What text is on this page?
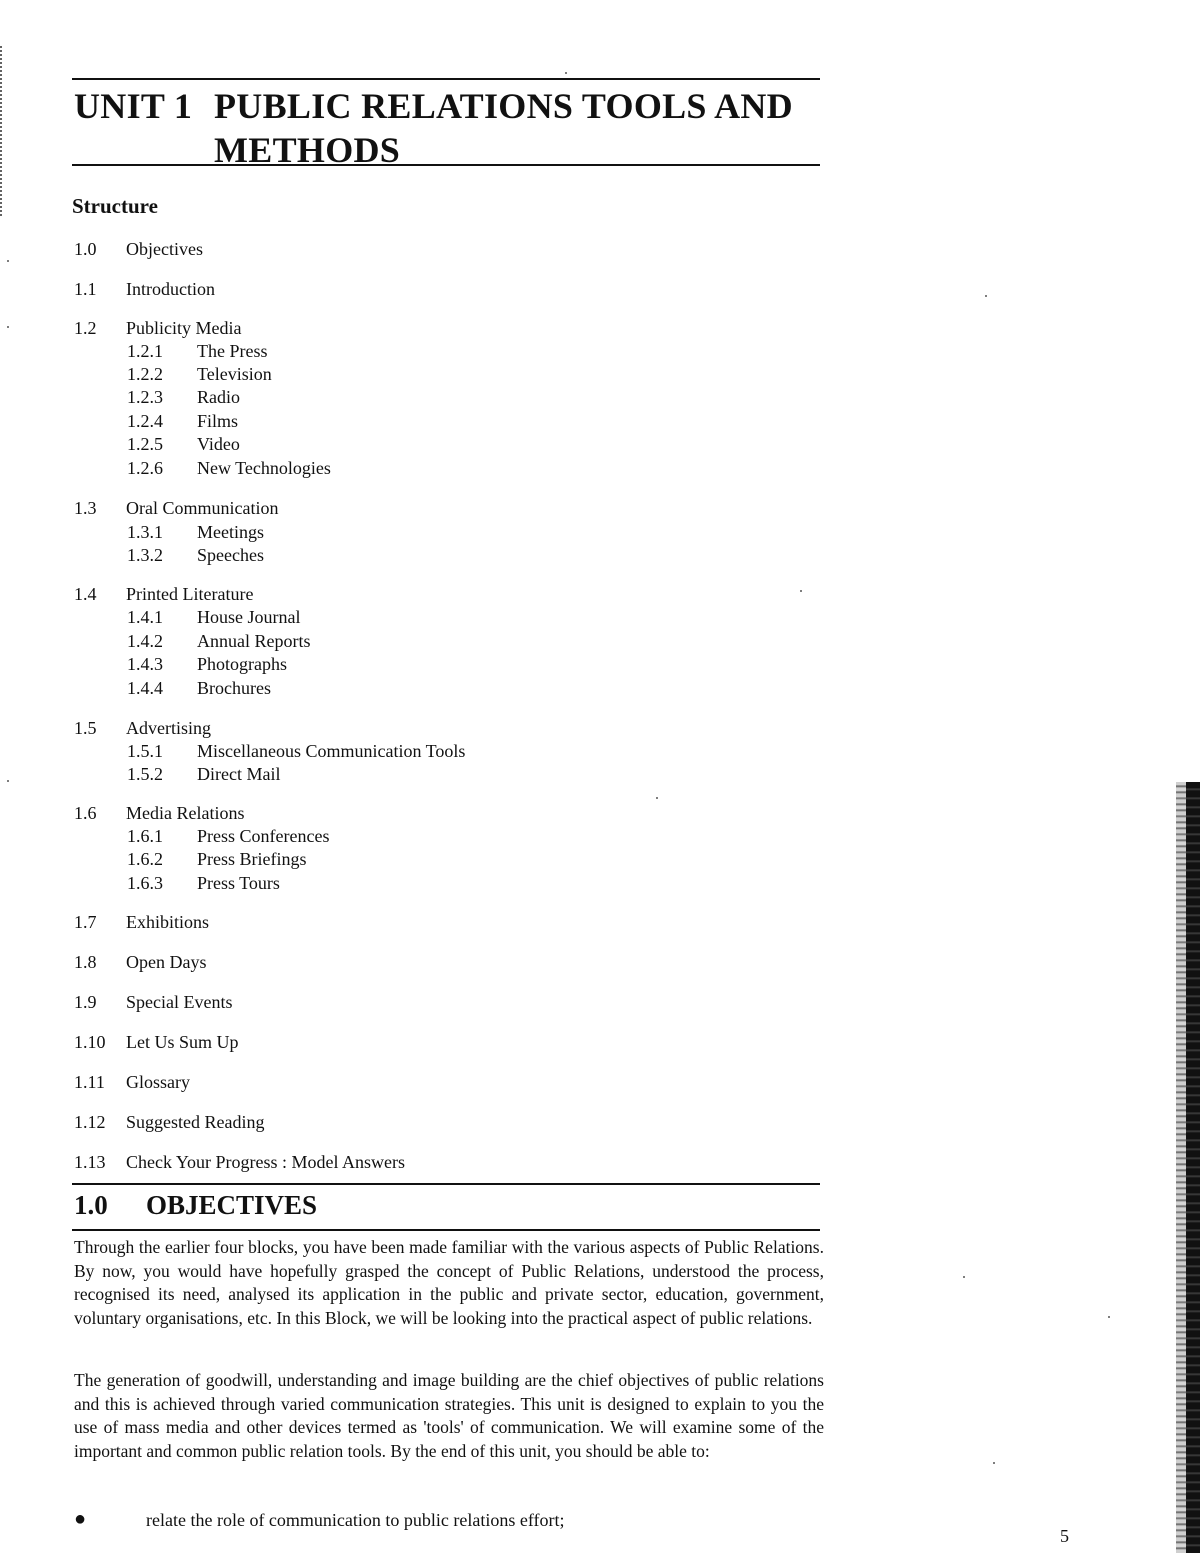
UNIT 1 PUBLIC RELATIONS TOOLS AND METHODS
Structure
1.0 Objectives
1.1 Introduction
1.2 Publicity Media
1.2.1 The Press
1.2.2 Television
1.2.3 Radio
1.2.4 Films
1.2.5 Video
1.2.6 New Technologies
1.3 Oral Communication
1.3.1 Meetings
1.3.2 Speeches
1.4 Printed Literature
1.4.1 House Journal
1.4.2 Annual Reports
1.4.3 Photographs
1.4.4 Brochures
1.5 Advertising
1.5.1 Miscellaneous Communication Tools
1.5.2 Direct Mail
1.6 Media Relations
1.6.1 Press Conferences
1.6.2 Press Briefings
1.6.3 Press Tours
1.7 Exhibitions
1.8 Open Days
1.9 Special Events
1.10 Let Us Sum Up
1.11 Glossary
1.12 Suggested Reading
1.13 Check Your Progress : Model Answers
1.0 OBJECTIVES

Through the earlier four blocks, you have been made familiar with the various aspects of Public Relations. By now, you would have hopefully grasped the concept of Public Relations, understood the process, recognised its need, analysed its application in the public and private sector, education, government, voluntary organisations, etc. In this Block, we will be looking into the practical aspect of public relations.

The generation of goodwill, understanding and image building are the chief objectives of public relations and this is achieved through varied communication strategies. This unit is designed to explain to you the use of mass media and other devices termed as 'tools' of communication. We will examine some of the important and common public relation tools. By the end of this unit, you should be able to:

●	relate the role of communication to public relations effort;
5
